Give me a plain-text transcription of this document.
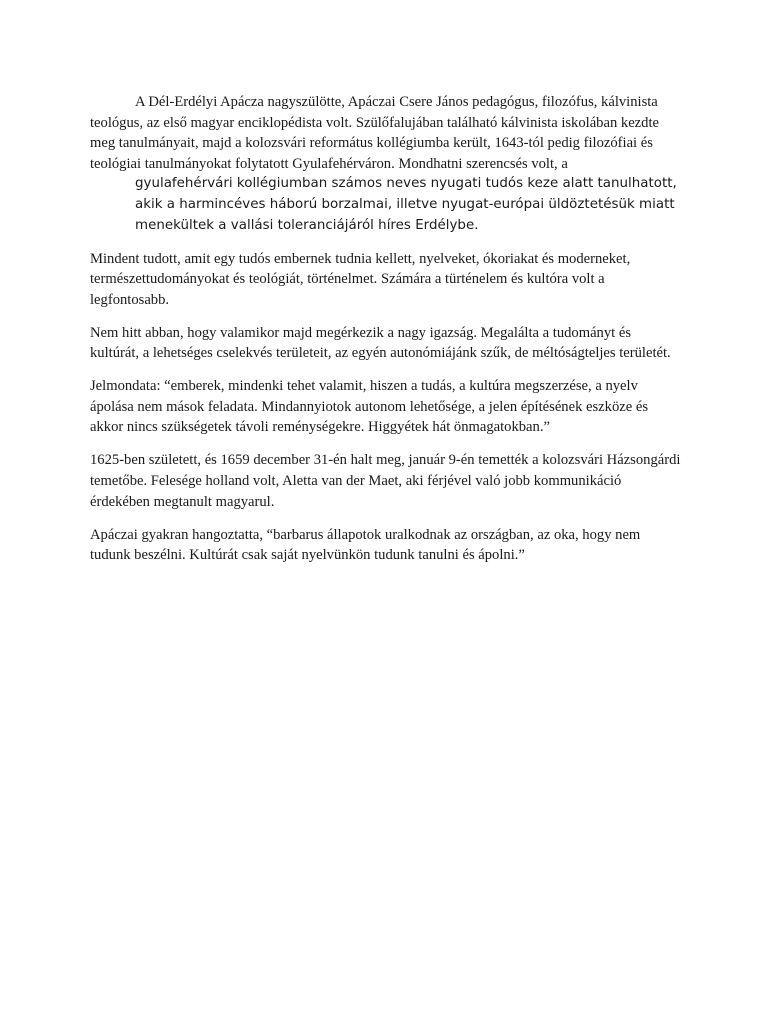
A Dél-Erdélyi Apácza nagyszülötte, Apáczai Csere János pedagógus, filozófus, kálvinista teológus, az első magyar enciklopédista volt. Szülőfalujában található kálvinista iskolában kezdte meg tanulmányait, majd a kolozsvári református kollégiumba került, 1643-tól pedig filozófiai és teológiai tanulmányokat folytatott Gyulafehérváron. Mondhatni szerencsés volt, a
gyulafehérvári kollégiumban számos neves nyugati tudós keze alatt tanulhatott,
akik a harmincéves háború borzalmai, illetve nyugat-európai üldöztetésük miatt
menekültek a vallási toleranciájáról híres Erdélybe.

Mindent tudott, amit egy tudós embernek tudnia kellett, nyelveket, ókoriakat és moderneket, természettudományokat és teológiát, történelmet. Számára a türténelem és kultóra volt a legfontosabb.

Nem hitt abban, hogy valamikor majd megérkezik a nagy igazság. Megalálta a tudományt és kultúrát, a lehetséges cselekvés területeit, az egyén autonómiájánk szűk, de méltóságteljes területét.

Jelmondata: “emberek, mindenki tehet valamit, hiszen a tudás, a kultúra megszerzése, a nyelv ápolása nem mások feladata. Mindannyiotok autonom lehetősége, a jelen építésének eszköze és akkor nincs szükségetek távoli reménységekre. Higgyétek hát önmagatokban.”

1625-ben született, és 1659 december 31-én halt meg, január 9-én temették a kolozsvári Házsongárdi temetőbe. Felesége holland volt, Aletta van der Maet, aki férjével való jobb kommunikáció érdekében megtanult magyarul.

Apáczai gyakran hangoztatta, “barbarus állapotok uralkodnak az országban, az oka, hogy nem tudunk beszélni. Kultúrát csak saját nyelvünkön tudunk tanulni és ápolni.”
